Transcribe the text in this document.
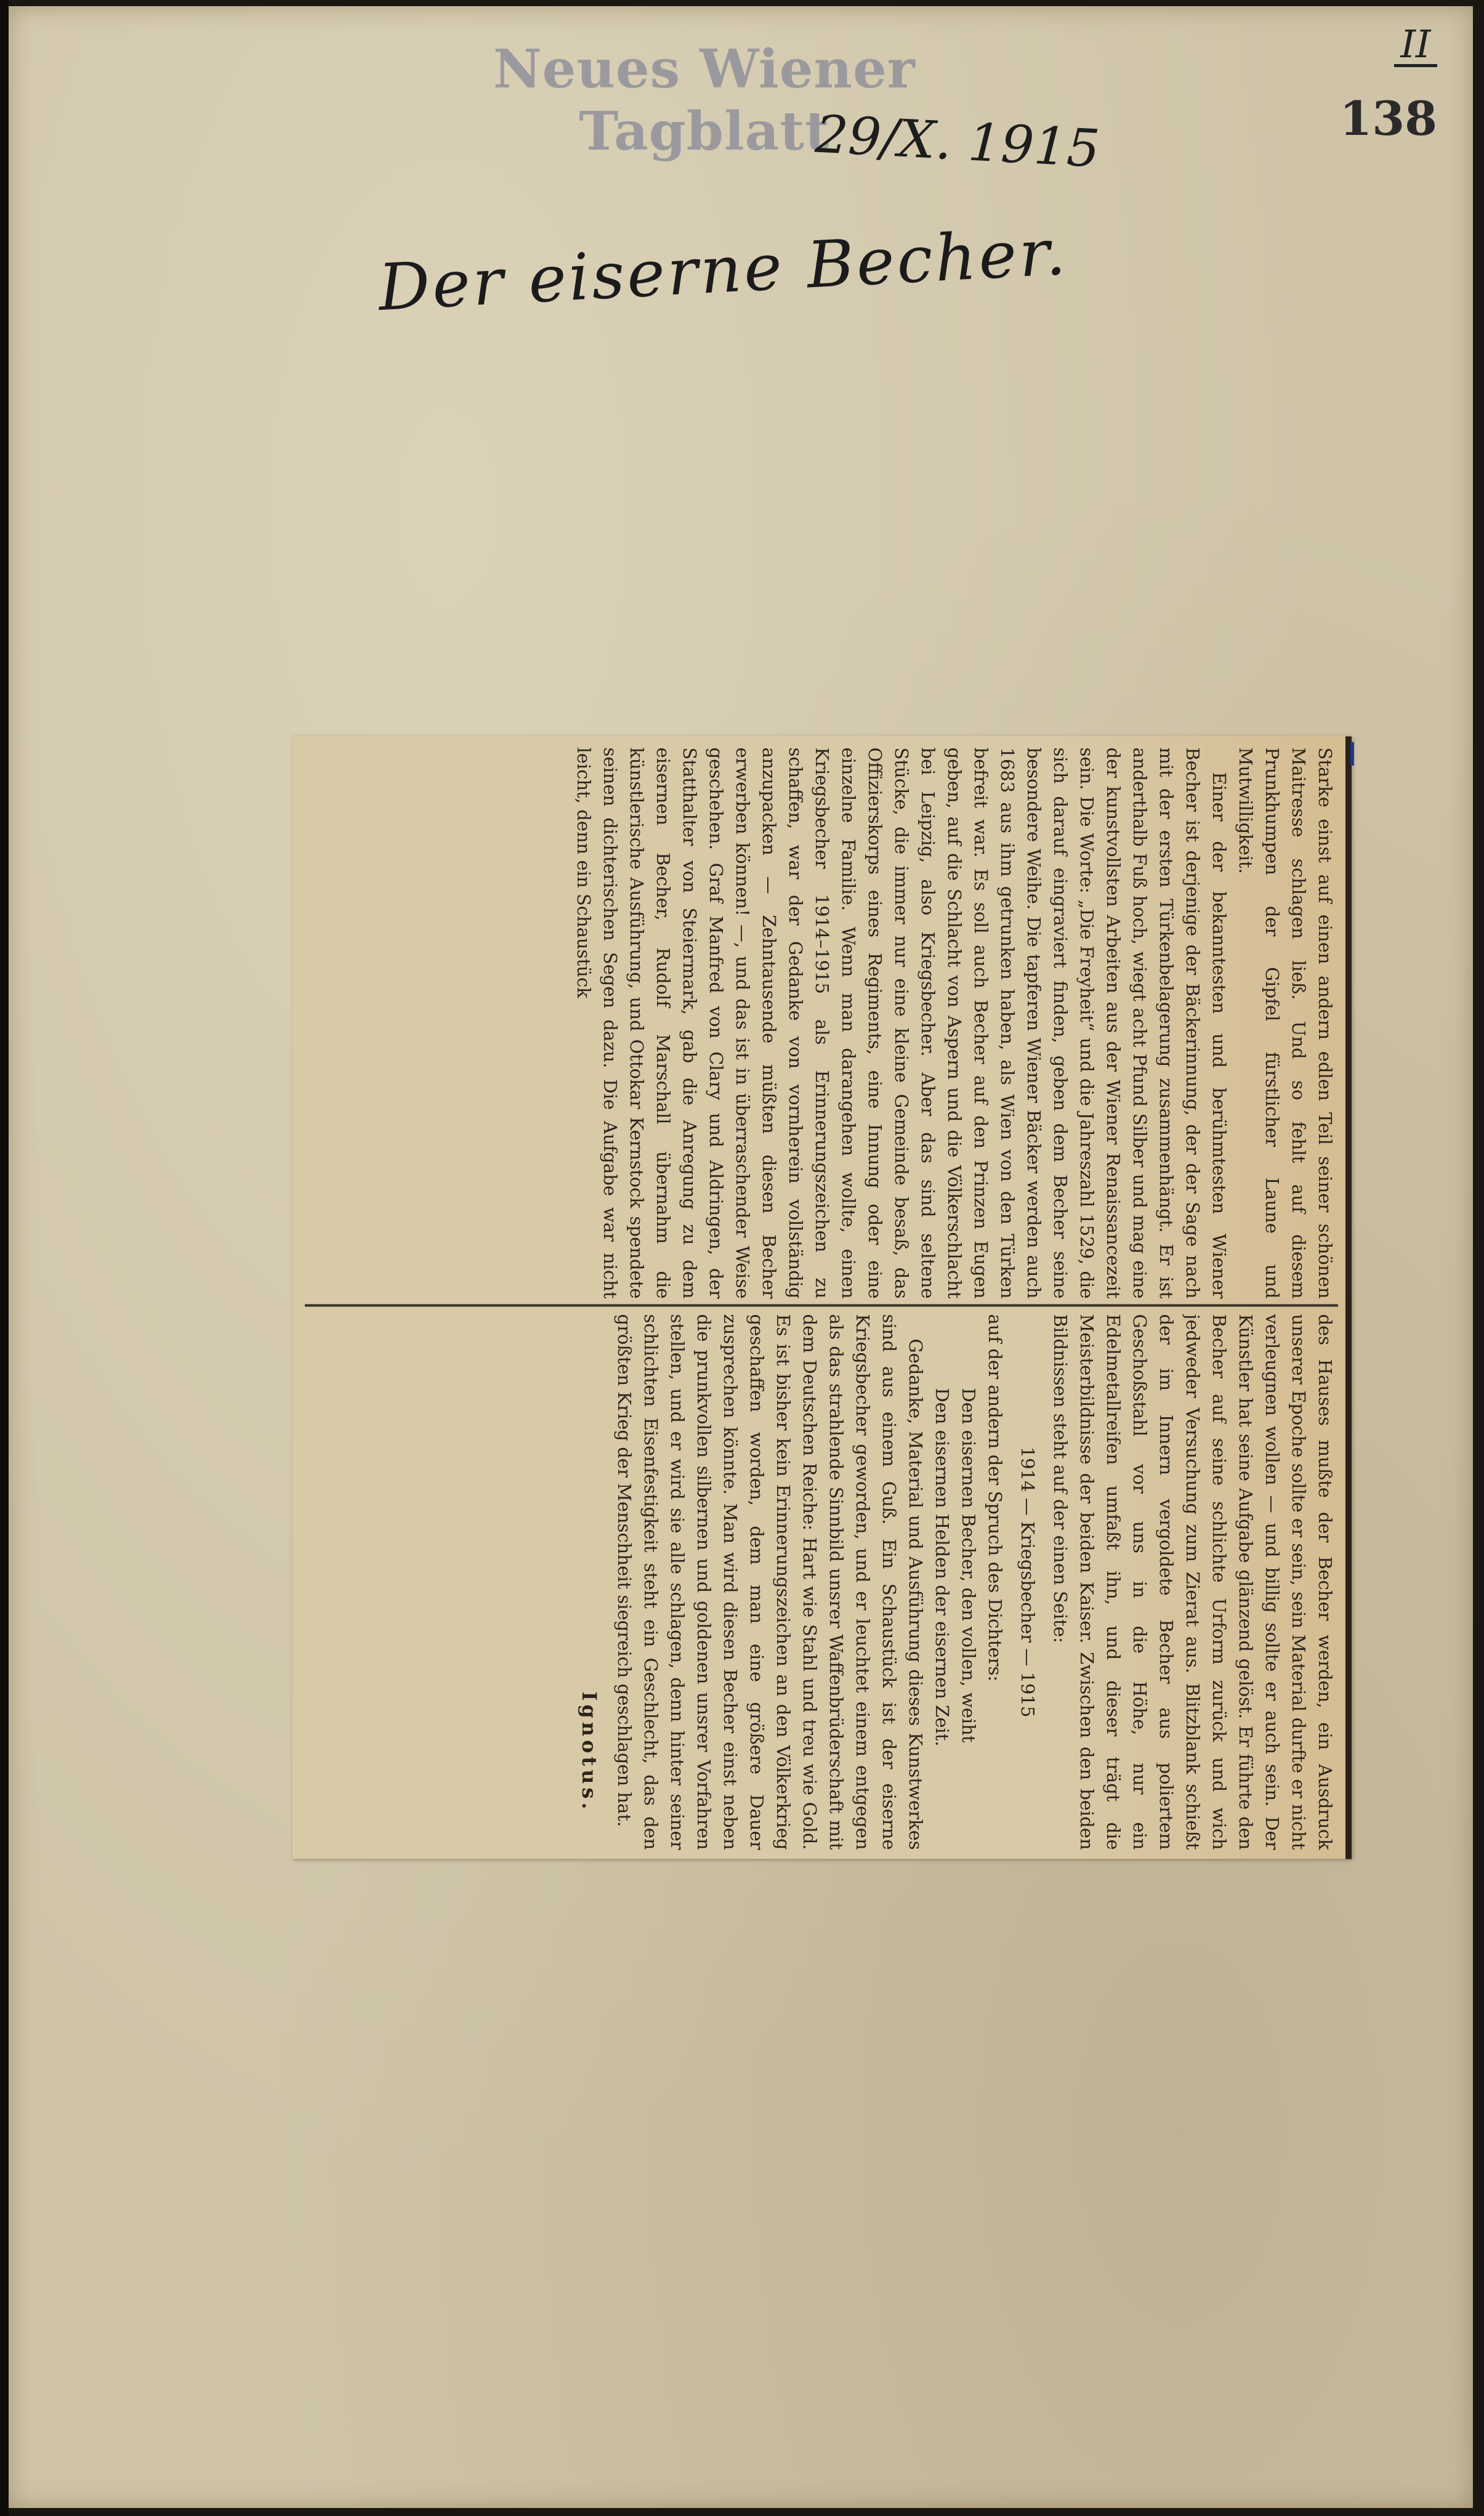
Neues Wiener Tagblatt
II
138
29/X. 1915
Der eiserne Becher.

Starke einst auf einen andern edlen Teil seiner schönen Maitresse schlagen ließ. Und so fehlt auf diesem Prunkhumpen der Gipfel fürstlicher Laune und Mutwilligkeit.

Einer der bekanntesten und berühmtesten Wiener Becher ist derjenige der Bäckerinnung, der der Sage nach mit der ersten Türkenbelagerung zusammenhängt. Er ist anderthalb Fuß hoch, wiegt acht Pfund Silber und mag eine der kunstvollsten Arbeiten aus der Wiener Renaissancezeit sein. Die Worte: „Die Freyheit“ und die Jahreszahl 1529, die sich darauf eingraviert finden, geben dem Becher seine besondere Weihe. Die tapferen Wiener Bäcker werden auch 1683 aus ihm getrunken haben, als Wien von den Türken befreit war. Es soll auch Becher auf den Prinzen Eugen geben, auf die Schlacht von Aspern und die Völkerschlacht bei Leipzig, also Kriegsbecher. Aber das sind seltene Stücke, die immer nur eine kleine Gemeinde besaß, das Offizierskorps eines Regiments, eine Innung oder eine einzelne Familie. Wenn man darangehen wollte, einen Kriegsbecher 1914–1915 als Erinnerungszeichen zu schaffen, war der Gedanke von vornherein vollständig anzupacken — Zehntausende müßten diesen Becher erwerben können! —, und das ist in überraschender Weise geschehen. Graf Manfred von Clary und Aldringen, der Statthalter von Steiermark, gab die Anregung zu dem eisernen Becher, Rudolf Marschall übernahm die künstlerische Ausführung, und Ottokar Kernstock spendete seinen dichterischen Segen dazu. Die Aufgabe war nicht leicht, denn ein Schaustück

des Hauses mußte der Becher werden, ein Ausdruck unserer Epoche sollte er sein, sein Material durfte er nicht verleugnen wollen — und billig sollte er auch sein. Der Künstler hat seine Aufgabe glänzend gelöst. Er führte den Becher auf seine schlichte Urform zurück und wich jedweder Versuchung zum Zierat aus. Blitzblank schießt der im Innern vergoldete Becher aus poliertem Geschoßstahl vor uns in die Höhe, nur ein Edelmetallreifen umfaßt ihn, und dieser trägt die Meisterbildnisse der beiden Kaiser. Zwischen den beiden Bildnissen steht auf der einen Seite:

1914 — Kriegsbecher — 1915

auf der andern der Spruch des Dichters:

Den eisernen Becher, den vollen, weiht

Den eisernen Helden der eisernen Zeit.

Gedanke, Material und Ausführung dieses Kunstwerkes sind aus einem Guß. Ein Schaustück ist der eiserne Kriegsbecher geworden, und er leuchtet einem entgegen als das strahlende Sinnbild unsrer Waffenbrüderschaft mit dem Deutschen Reiche: Hart wie Stahl und treu wie Gold. Es ist bisher kein Erinnerungszeichen an den Völkerkrieg geschaffen worden, dem man eine größere Dauer zusprechen könnte. Man wird diesen Becher einst neben die prunkvollen silbernen und goldenen unsrer Vorfahren stellen, und er wird sie alle schlagen, denn hinter seiner schlichten Eisenfestigkeit steht ein Geschlecht, das den größten Krieg der Menschheit siegreich geschlagen hat.

Ignotus.
